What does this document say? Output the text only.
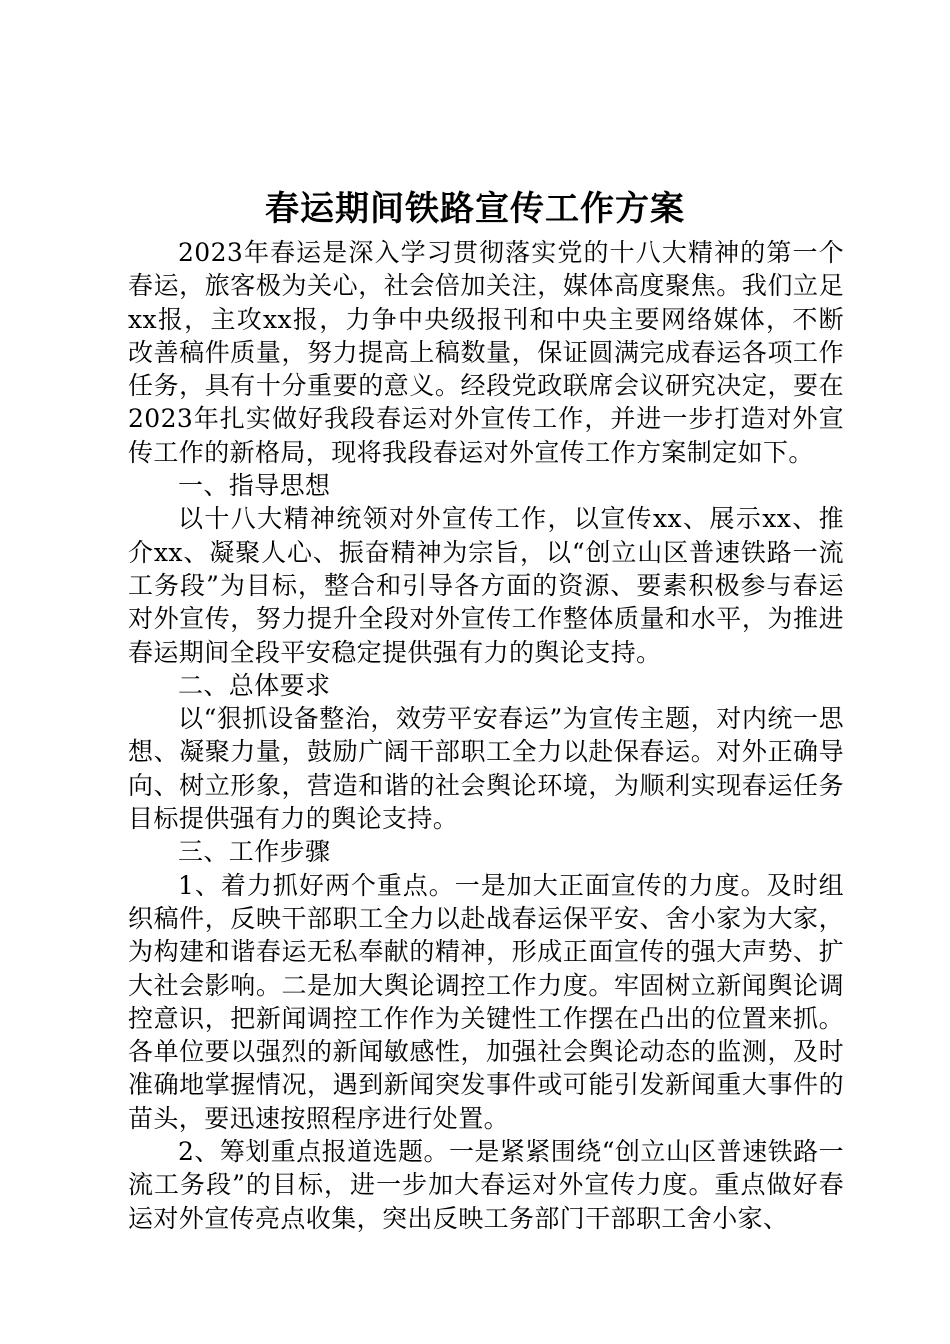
春运期间铁路宣传工作方案

2023年春运是深入学习贯彻落实党的十八大精神的第一个春运，旅客极为关心，社会倍加关注，媒体高度聚焦。我们立足xx报，主攻xx报，力争中央级报刊和中央主要网络媒体，不断改善稿件质量，努力提高上稿数量，保证圆满完成春运各项工作任务，具有十分重要的意义。经段党政联席会议研究决定，要在2023年扎实做好我段春运对外宣传工作，并进一步打造对外宣传工作的新格局，现将我段春运对外宣传工作方案制定如下。

一、指导思想

以十八大精神统领对外宣传工作，以宣传xx、展示xx、推介xx、凝聚人心、振奋精神为宗旨，以“创立山区普速铁路一流工务段”为目标，整合和引导各方面的资源、要素积极参与春运对外宣传，努力提升全段对外宣传工作整体质量和水平，为推进春运期间全段平安稳定提供强有力的舆论支持。

二、总体要求

以“狠抓设备整治，效劳平安春运”为宣传主题，对内统一思想、凝聚力量，鼓励广阔干部职工全力以赴保春运。对外正确导向、树立形象，营造和谐的社会舆论环境，为顺利实现春运任务目标提供强有力的舆论支持。

三、工作步骤

1、着力抓好两个重点。一是加大正面宣传的力度。及时组织稿件，反映干部职工全力以赴战春运保平安、舍小家为大家，为构建和谐春运无私奉献的精神，形成正面宣传的强大声势、扩大社会影响。二是加大舆论调控工作力度。牢固树立新闻舆论调控意识，把新闻调控工作作为关键性工作摆在凸出的位置来抓。各单位要以强烈的新闻敏感性，加强社会舆论动态的监测，及时准确地掌握情况，遇到新闻突发事件或可能引发新闻重大事件的苗头，要迅速按照程序进行处置。

2、筹划重点报道选题。一是紧紧围绕“创立山区普速铁路一流工务段”的目标，进一步加大春运对外宣传力度。重点做好春运对外宣传亮点收集，突出反映工务部门干部职工舍小家、
